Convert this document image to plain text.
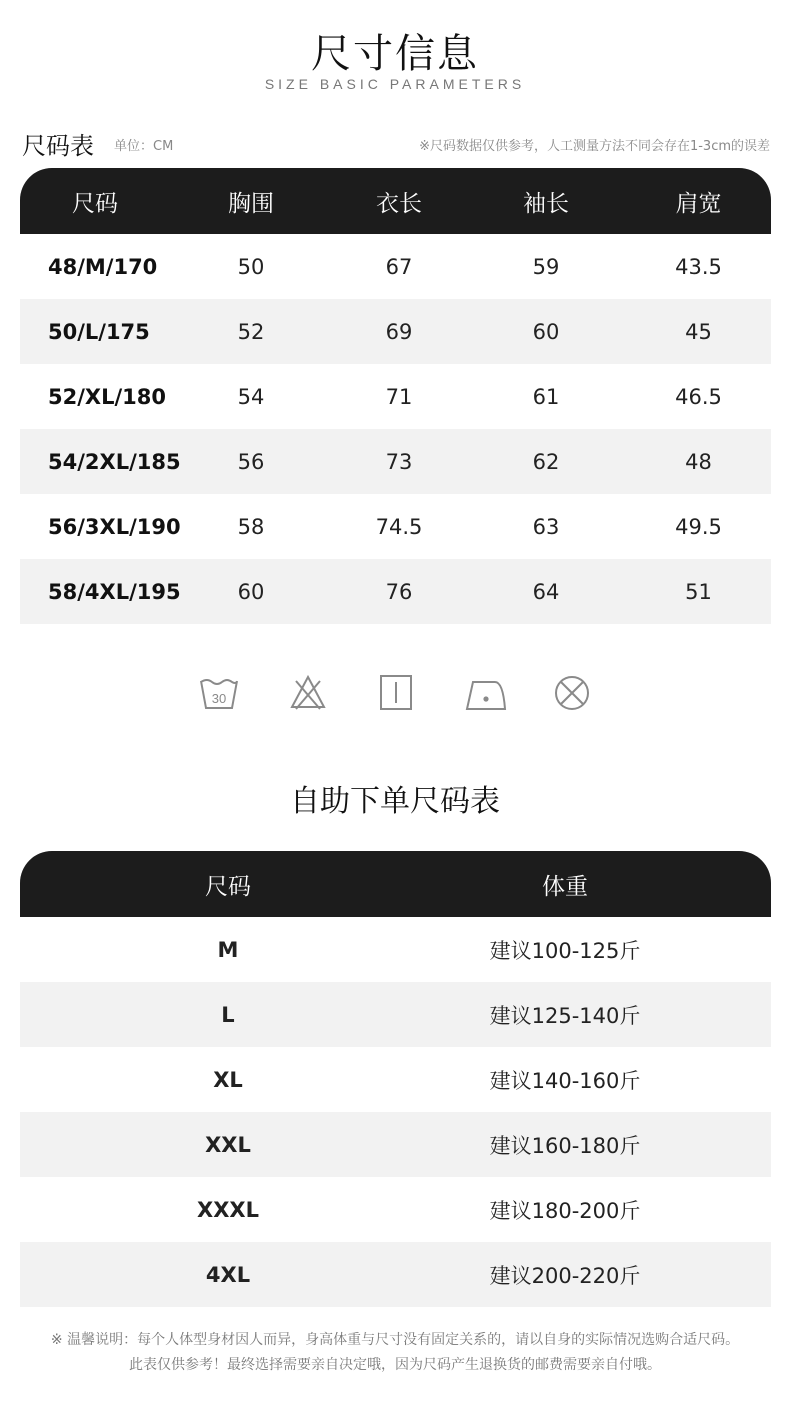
尺寸信息
SIZE BASIC PARAMETERS
尺码表 单位：CM	※尺码数据仅供参考，人工测量方法不同会存在1-3cm的误差
尺码	胸围	衣长	袖长	肩宽
48/M/170	50	67	59	43.5
50/L/175	52	69	60	45
52/XL/180	54	71	61	46.5
54/2XL/185	56	73	62	48
56/3XL/190	58	74.5	63	49.5
58/4XL/195	60	76	64	51
30
自助下单尺码表
尺码	体重
M	建议100-125斤
L	建议125-140斤
XL	建议140-160斤
XXL	建议160-180斤
XXXL	建议180-200斤
4XL	建议200-220斤
※ 温馨说明：每个人体型身材因人而异，身高体重与尺寸没有固定关系的，请以自身的实际情况选购合适尺码。
此表仅供参考！最终选择需要亲自决定哦，因为尺码产生退换货的邮费需要亲自付哦。
